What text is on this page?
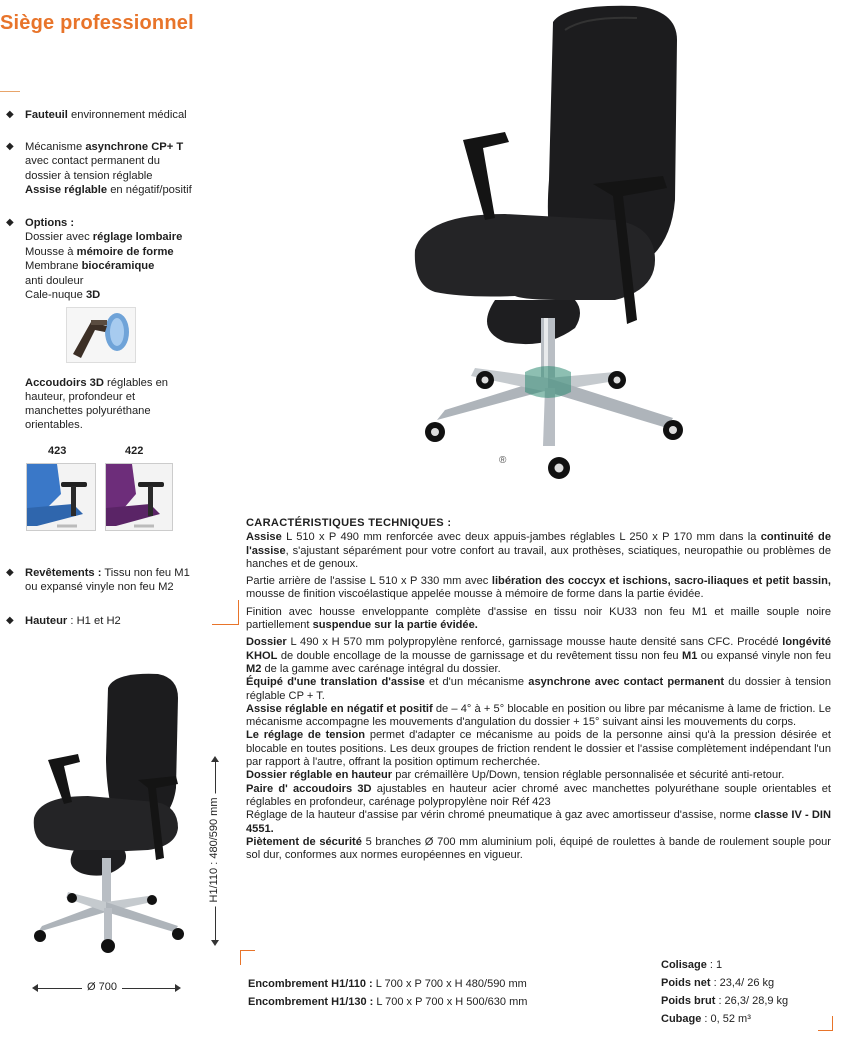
Siège professionnel
◆ Fauteuil environnement médical
◆ Mécanisme asynchrone CP+ T
avec contact permanent du
dossier à tension réglable
Assise réglable en négatif/positif
◆ Options :
Dossier avec réglage lombaire
Mousse à mémoire de forme
Membrane biocéramique
anti douleur
Cale-nuque 3D
Accoudoirs 3D réglables en
hauteur, profondeur et
manchettes polyuréthane
orientables.
423	422
◆ Revêtements : Tissu non feu M1
ou expansé vinyle non feu M2
◆ Hauteur : H1 et H2
®
H1/110 : 480/590 mm
Ø 700

CARACTÉRISTIQUES TECHNIQUES :

Assise L 510 x P 490 mm renforcée avec deux appuis-jambes réglables L 250 x P 170 mm dans la continuité de l'assise, s'ajustant séparément pour votre confort au travail, aux prothèses, sciatiques, neuropathie ou problèmes de hanches et de genoux.

Partie arrière de l'assise L 510 x P 330 mm avec libération des coccyx et ischions, sacro-iliaques et petit bassin, mousse de finition viscoélastique appelée mousse à mémoire de forme dans la partie évidée.

Finition avec housse enveloppante complète d'assise en tissu noir KU33 non feu M1 et maille souple noire partiellement suspendue sur la partie évidée.

Dossier L 490 x H 570 mm polypropylène renforcé, garnissage mousse haute densité sans CFC. Procédé longévité KHOL de double encollage de la mousse de garnissage et du revêtement tissu non feu M1 ou expansé vinyle non feu M2 de la gamme avec carénage intégral du dossier.

Équipé d'une translation d'assise et d'un mécanisme asynchrone avec contact permanent du dossier à tension réglable CP + T.

Assise réglable en négatif et positif de – 4° à + 5° blocable en position ou libre par mécanisme à lame de friction. Le mécanisme accompagne les mouvements d'angulation du dossier + 15° suivant ainsi les mouvements du corps.

Le réglage de tension permet d'adapter ce mécanisme au poids de la personne ainsi qu'à la pression désirée et blocable en toutes positions. Les deux groupes de friction rendent le dossier et l'assise complètement indépendant l'un par rapport à l'autre, offrant la position optimum recherchée.

Dossier réglable en hauteur par crémaillère Up/Down, tension réglable personnalisée et sécurité anti-retour.

Paire d' accoudoirs 3D ajustables en hauteur acier chromé avec manchettes polyuréthane souple orientables et réglables en profondeur, carénage polypropylène noir Réf 423

Réglage de la hauteur d'assise par vérin chromé pneumatique à gaz avec amortisseur d'assise, norme classe IV - DIN 4551.

Piètement de sécurité 5 branches Ø 700 mm aluminium poli, équipé de roulettes à bande de roulement souple pour sol dur, conformes aux normes européennes en vigueur.

Encombrement H1/110 : L 700 x P 700 x H 480/590 mm
Encombrement H1/130 : L 700 x P 700 x H 500/630 mm
Colisage : 1
Poids net : 23,4/ 26 kg
Poids brut : 26,3/ 28,9 kg
Cubage : 0, 52 m³
